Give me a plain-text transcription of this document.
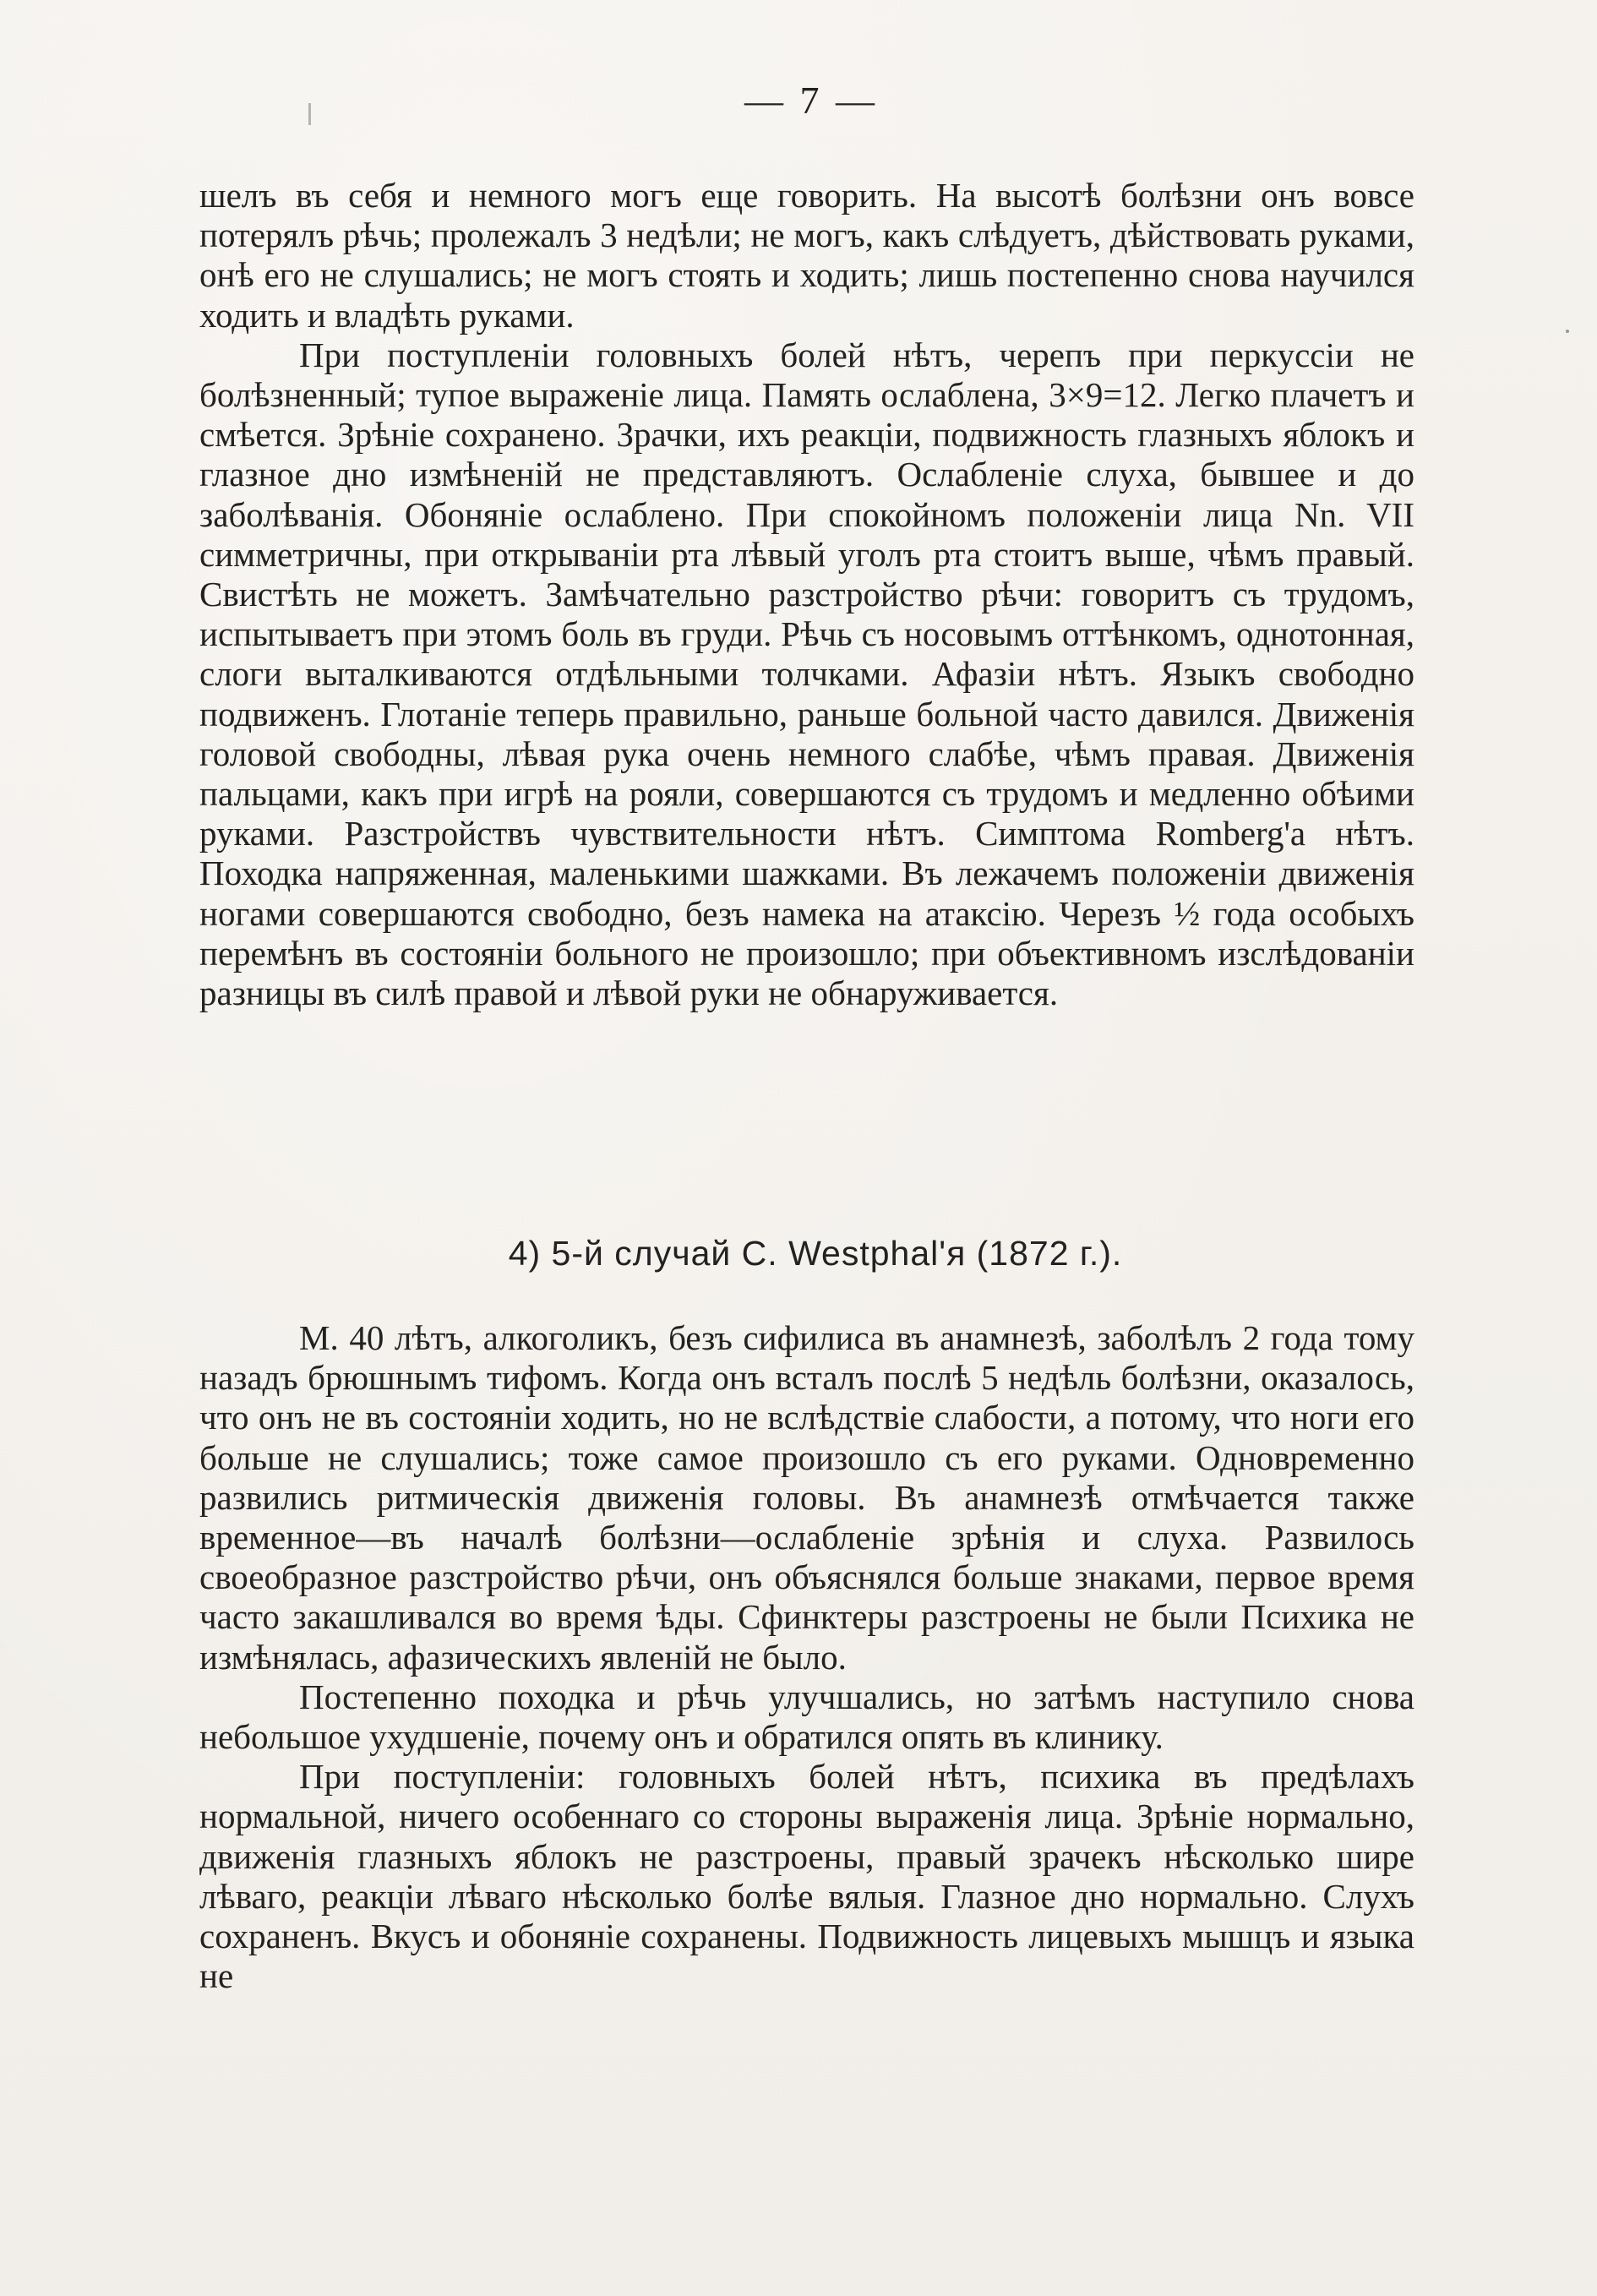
— 7 —

шелъ въ себя и немного могъ еще говорить. На высотѣ болѣзни онъ вовсе потерялъ рѣчь; пролежалъ 3 недѣли; не могъ, какъ слѣдуетъ, дѣйствовать руками, онѣ его не слушались; не могъ стоять и ходить; лишь постепенно снова научился ходить и владѣть руками.

При поступленіи головныхъ болей нѣтъ, черепъ при перкуссіи не болѣзненный; тупое выраженіе лица. Память ослаблена, 3×9=12. Легко плачетъ и смѣется. Зрѣніе сохранено. Зрачки, ихъ реакціи, подвижность глазныхъ яблокъ и глазное дно измѣненій не представляютъ. Ослабленіе слуха, бывшее и до заболѣванія. Обоняніе ослаблено. При спокойномъ положеніи лица Nn. VII симметричны, при открываніи рта лѣвый уголъ рта стоитъ выше, чѣмъ правый. Свистѣть не можетъ. Замѣчательно разстройство рѣчи: говоритъ съ трудомъ, испытываетъ при этомъ боль въ груди. Рѣчь съ носовымъ оттѣнкомъ, однотонная, слоги выталкиваются отдѣльными толчками. Афазіи нѣтъ. Языкъ свободно подвиженъ. Глотаніе теперь правильно, раньше больной часто давился. Движенія головой свободны, лѣвая рука очень немного слабѣе, чѣмъ правая. Движенія пальцами, какъ при игрѣ на рояли, совершаются съ трудомъ и медленно обѣими руками. Разстройствъ чувствительности нѣтъ. Симптома Romberg'а нѣтъ. Походка напряженная, маленькими шажками. Въ лежачемъ положеніи движенія ногами совершаются свободно, безъ намека на атаксію. Черезъ ½ года особыхъ перемѣнъ въ состояніи больного не произошло; при объективномъ изслѣдованіи разницы въ силѣ правой и лѣвой руки не обнаруживается.

4) 5-й случай C. Westphal'я (1872 г.).

М. 40 лѣтъ, алкоголикъ, безъ сифилиса въ анамнезѣ, заболѣлъ 2 года тому назадъ брюшнымъ тифомъ. Когда онъ всталъ послѣ 5 недѣль болѣзни, оказалось, что онъ не въ состояніи ходить, но не вслѣдствіе слабости, а потому, что ноги его больше не слушались; тоже самое произошло съ его руками. Одновременно развились ритмическія движенія головы. Въ анамнезѣ отмѣчается также временное—въ началѣ болѣзни—ослабленіе зрѣнія и слуха. Развилось своеобразное разстройство рѣчи, онъ объяснялся больше знаками, первое время часто закашливался во время ѣды. Сфинктеры разстроены не были Психика не измѣнялась, афазическихъ явленій не было.

Постепенно походка и рѣчь улучшались, но затѣмъ наступило снова небольшое ухудшеніе, почему онъ и обратился опять въ клинику.

При поступленіи: головныхъ болей нѣтъ, психика въ предѣлахъ нормальной, ничего особеннаго со стороны выраженія лица. Зрѣніе нормально, движенія глазныхъ яблокъ не разстроены, правый зрачекъ нѣсколько шире лѣваго, реакціи лѣваго нѣсколько болѣе вялыя. Глазное дно нормально. Слухъ сохраненъ. Вкусъ и обоняніе сохранены. Подвижность лицевыхъ мышцъ и языка не
